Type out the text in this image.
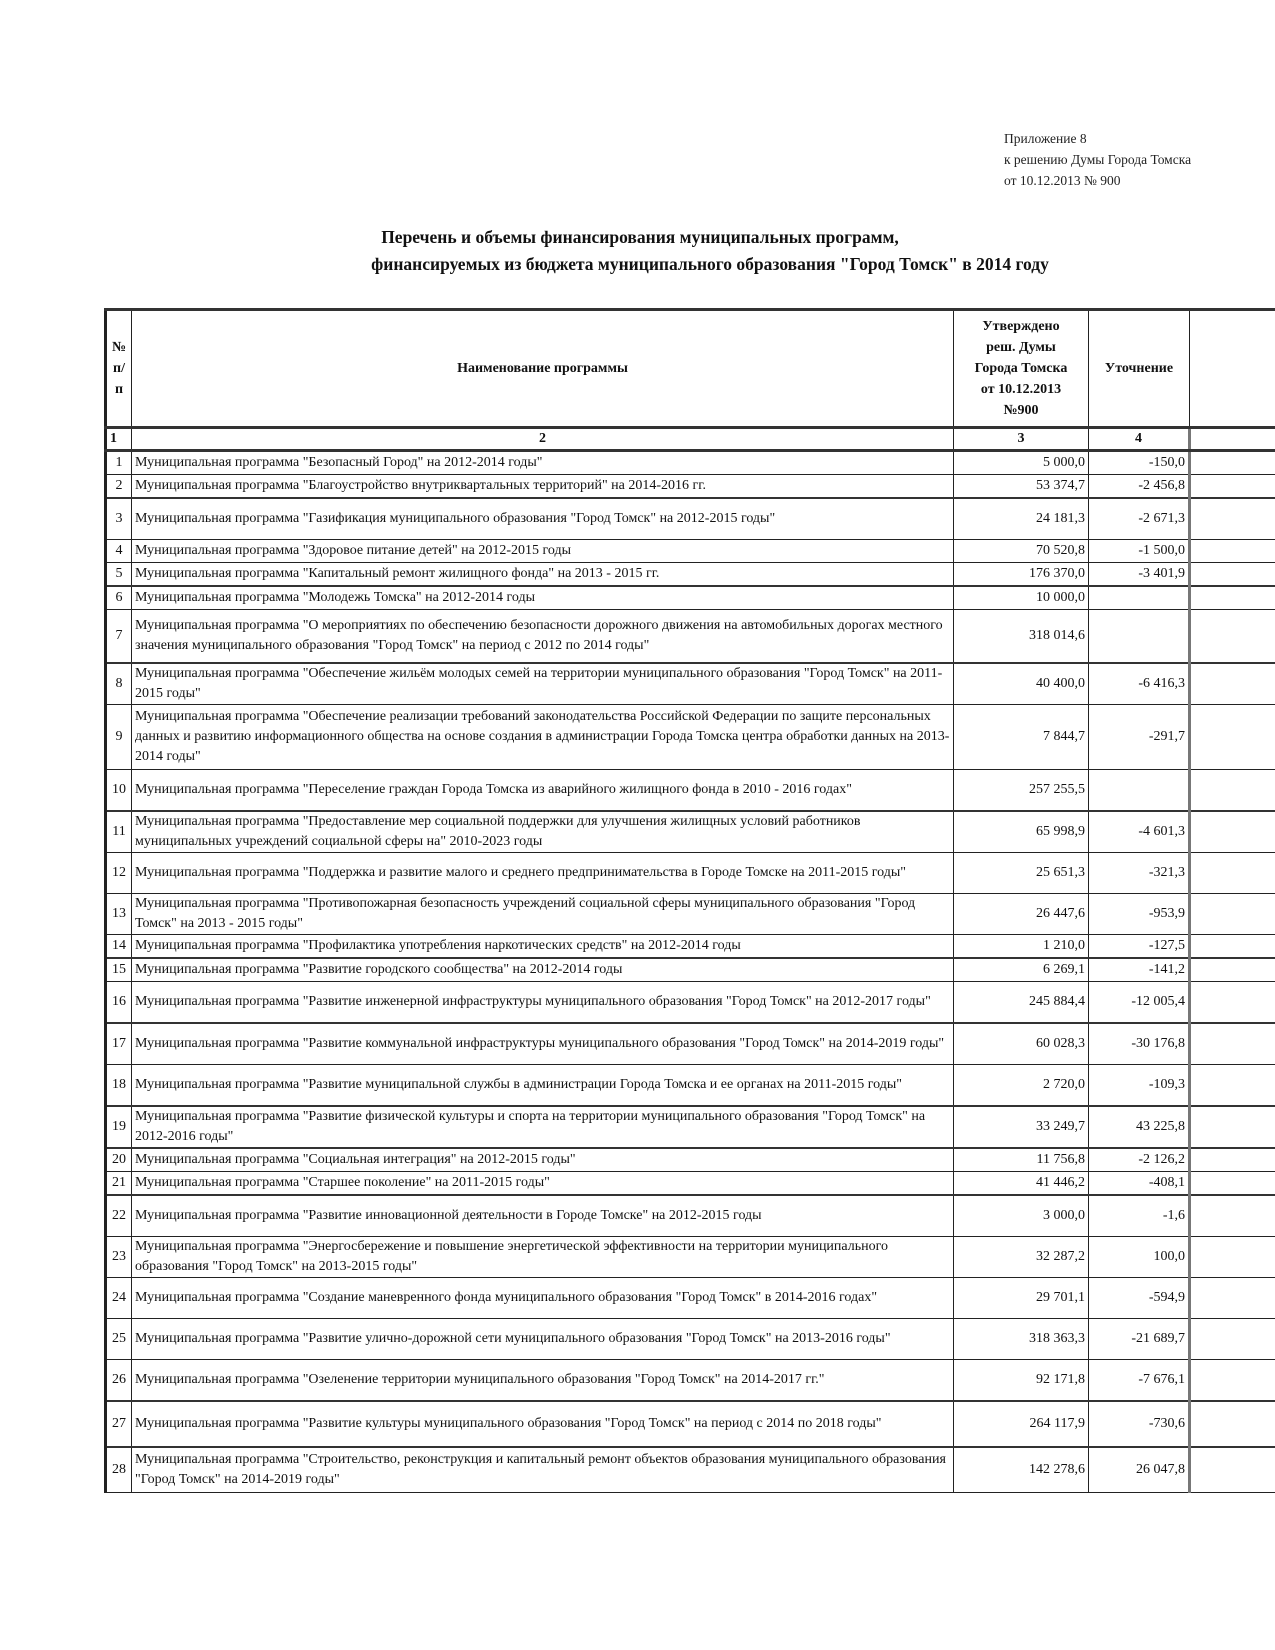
Приложение 8
к решению Думы Города Томска
от 10.12.2013 № 900
Перечень и объемы финансирования муниципальных программ,
финансируемых из бюджета муниципального образования "Город Томск" в 2014 году
№
п/
п
	Наименование программы	
Утверждено
реш. Думы
Города Томска
от 10.12.2013
№900
	Уточнение	
1	2	3	4	
1	Муниципальная программа "Безопасный Город" на 2012-2014 годы"	5 000,0	-150,0	
2	Муниципальная программа "Благоустройство внутриквартальных территорий" на 2014-2016 гг.	53 374,7	-2 456,8	
3	Муниципальная программа "Газификация муниципального образования "Город Томск" на 2012-2015 годы"	24 181,3	-2 671,3	
4	Муниципальная программа "Здоровое питание детей" на 2012-2015 годы	70 520,8	-1 500,0	
5	Муниципальная программа "Капитальный ремонт жилищного фонда" на 2013 - 2015 гг.	176 370,0	-3 401,9	
6	Муниципальная программа "Молодежь Томска" на 2012-2014 годы	10 000,0		
7	Муниципальная программа "О мероприятиях по обеспечению безопасности дорожного движения на автомобильных дорогах местного значения муниципального образования "Город Томск" на период с 2012 по 2014 годы"	318 014,6		
8	Муниципальная программа "Обеспечение жильём молодых семей на территории муниципального образования "Город Томск" на 2011-2015 годы"	40 400,0	-6 416,3	
9	Муниципальная программа "Обеспечение реализации требований законодательства Российской Федерации по защите персональных данных и развитию информационного общества на основе создания в администрации Города Томска центра обработки данных на 2013-2014 годы"	7 844,7	-291,7	
10	Муниципальная программа "Переселение граждан Города Томска из аварийного жилищного фонда в 2010 - 2016 годах"	257 255,5		
11	Муниципальная программа "Предоставление мер социальной поддержки для улучшения жилищных условий работников муниципальных учреждений социальной сферы на" 2010-2023 годы	65 998,9	-4 601,3	
12	Муниципальная программа "Поддержка и развитие малого и среднего предпринимательства в Городе Томске на 2011-2015 годы"	25 651,3	-321,3	
13	Муниципальная программа "Противопожарная безопасность учреждений социальной сферы муниципального образования "Город Томск" на 2013 - 2015 годы"	26 447,6	-953,9	
14	Муниципальная программа "Профилактика употребления наркотических средств" на 2012-2014 годы	1 210,0	-127,5	
15	Муниципальная программа "Развитие городского сообщества" на 2012-2014 годы	6 269,1	-141,2	
16	Муниципальная программа "Развитие инженерной инфраструктуры муниципального образования "Город Томск" на 2012-2017 годы"	245 884,4	-12 005,4	
17	Муниципальная программа "Развитие коммунальной инфраструктуры муниципального образования "Город Томск" на 2014-2019 годы"	60 028,3	-30 176,8	
18	Муниципальная программа "Развитие муниципальной службы в администрации Города Томска и ее органах на 2011-2015 годы"	2 720,0	-109,3	
19	Муниципальная программа "Развитие физической культуры и спорта на территории муниципального образования "Город Томск" на 2012-2016 годы"	33 249,7	43 225,8	
20	Муниципальная программа "Социальная интеграция" на 2012-2015 годы"	11 756,8	-2 126,2	
21	Муниципальная программа "Старшее поколение" на 2011-2015 годы"	41 446,2	-408,1	
22	Муниципальная программа "Развитие инновационной деятельности в Городе Томске" на 2012-2015 годы	3 000,0	-1,6	
23	Муниципальная программа "Энергосбережение и повышение энергетической эффективности на территории муниципального образования "Город Томск" на 2013-2015 годы"	32 287,2	100,0	
24	Муниципальная программа "Создание маневренного фонда муниципального образования "Город Томск" в 2014-2016 годах"	29 701,1	-594,9	
25	Муниципальная программа "Развитие улично-дорожной сети муниципального образования "Город Томск" на 2013-2016 годы"	318 363,3	-21 689,7	
26	Муниципальная программа "Озеленение территории муниципального образования "Город Томск" на 2014-2017 гг."	92 171,8	-7 676,1	
27	Муниципальная программа "Развитие культуры муниципального образования "Город Томск" на период с 2014 по 2018 годы"	264 117,9	-730,6	
28	Муниципальная программа "Строительство, реконструкция и капитальный ремонт объектов образования муниципального образования "Город Томск" на 2014-2019 годы"	142 278,6	26 047,8	
